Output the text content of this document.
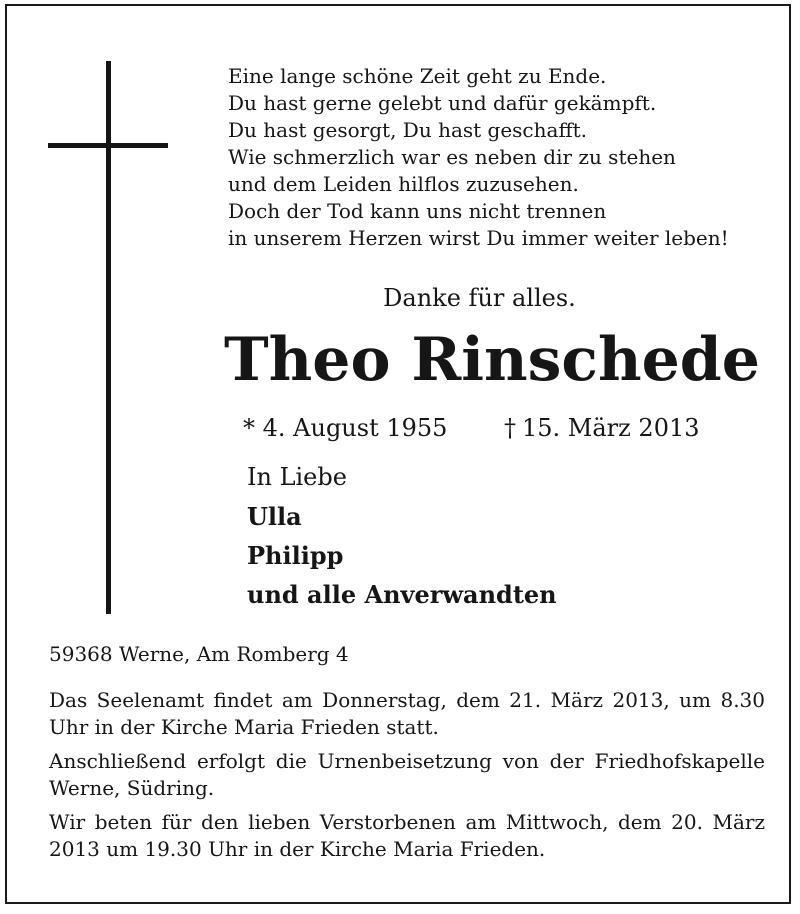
Eine lange schöne Zeit geht zu Ende.
Du hast gerne gelebt und dafür gekämpft.
Du hast gesorgt, Du hast geschafft.
Wie schmerzlich war es neben dir zu stehen
und dem Leiden hilflos zuzusehen.
Doch der Tod kann uns nicht trennen
in unserem Herzen wirst Du immer weiter leben!
Danke für alles.
Theo Rinschede
* 4. August 1955 † 15. März 2013
In Liebe
Ulla
Philipp
und alle Anverwandten
59368 Werne, Am Romberg 4

Das Seelenamt findet am Donnerstag, dem 21. März 2013, um 8.30 Uhr in der Kirche Maria Frieden statt.

Anschließend erfolgt die Urnenbeisetzung von der Friedhofskapelle Werne, Südring.

Wir beten für den lieben Verstorbenen am Mittwoch, dem 20. März 2013 um 19.30 Uhr in der Kirche Maria Frieden.
